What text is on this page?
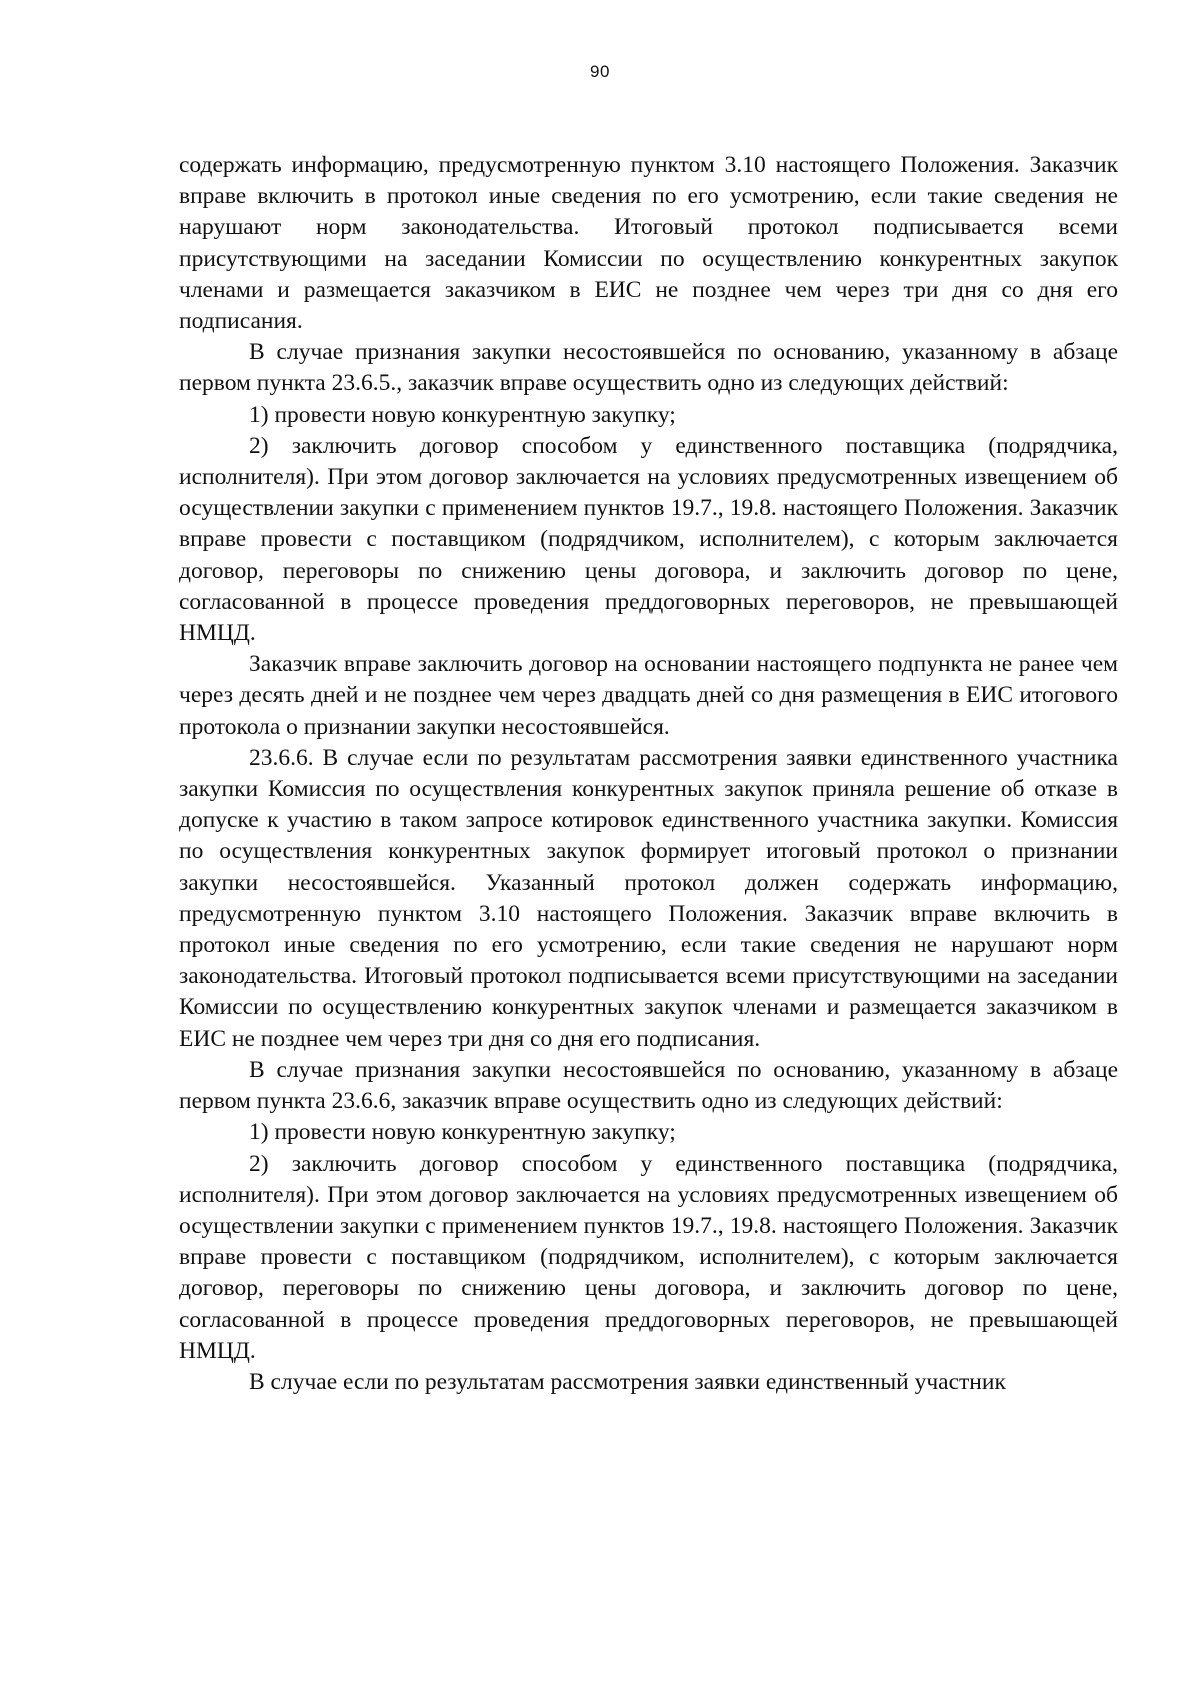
90

содержать информацию, предусмотренную пунктом 3.10 настоящего Положения. Заказчик вправе включить в протокол иные сведения по его усмотрению, если такие сведения не нарушают норм законодательства. Итоговый протокол подписывается всеми присутствующими на заседании Комиссии по осуществлению конкурентных закупок членами и размещается заказчиком в ЕИС не позднее чем через три дня со дня его подписания.

В случае признания закупки несостоявшейся по основанию, указанному в абзаце первом пункта 23.6.5., заказчик вправе осуществить одно из следующих действий:

1) провести новую конкурентную закупку;

2) заключить договор способом у единственного поставщика (подрядчика, исполнителя). При этом договор заключается на условиях предусмотренных извещением об осуществлении закупки с применением пунктов 19.7., 19.8. настоящего Положения. Заказчик вправе провести с поставщиком (подрядчиком, исполнителем), с которым заключается договор, переговоры по снижению цены договора, и заключить договор по цене, согласованной в процессе проведения преддоговорных переговоров, не превышающей НМЦД.

Заказчик вправе заключить договор на основании настоящего подпункта не ранее чем через десять дней и не позднее чем через двадцать дней со дня размещения в ЕИС итогового протокола о признании закупки несостоявшейся.

23.6.6. В случае если по результатам рассмотрения заявки единственного участника закупки Комиссия по осуществления конкурентных закупок приняла решение об отказе в допуске к участию в таком запросе котировок единственного участника закупки. Комиссия по осуществления конкурентных закупок формирует итоговый протокол о признании закупки несостоявшейся. Указанный протокол должен содержать информацию, предусмотренную пунктом 3.10 настоящего Положения. Заказчик вправе включить в протокол иные сведения по его усмотрению, если такие сведения не нарушают норм законодательства. Итоговый протокол подписывается всеми присутствующими на заседании Комиссии по осуществлению конкурентных закупок членами и размещается заказчиком в ЕИС не позднее чем через три дня со дня его подписания.

В случае признания закупки несостоявшейся по основанию, указанному в абзаце первом пункта 23.6.6, заказчик вправе осуществить одно из следующих действий:

1) провести новую конкурентную закупку;

2) заключить договор способом у единственного поставщика (подрядчика, исполнителя). При этом договор заключается на условиях предусмотренных извещением об осуществлении закупки с применением пунктов 19.7., 19.8. настоящего Положения. Заказчик вправе провести с поставщиком (подрядчиком, исполнителем), с которым заключается договор, переговоры по снижению цены договора, и заключить договор по цене, согласованной в процессе проведения преддоговорных переговоров, не превышающей НМЦД.

В случае если по результатам рассмотрения заявки единственный участник
